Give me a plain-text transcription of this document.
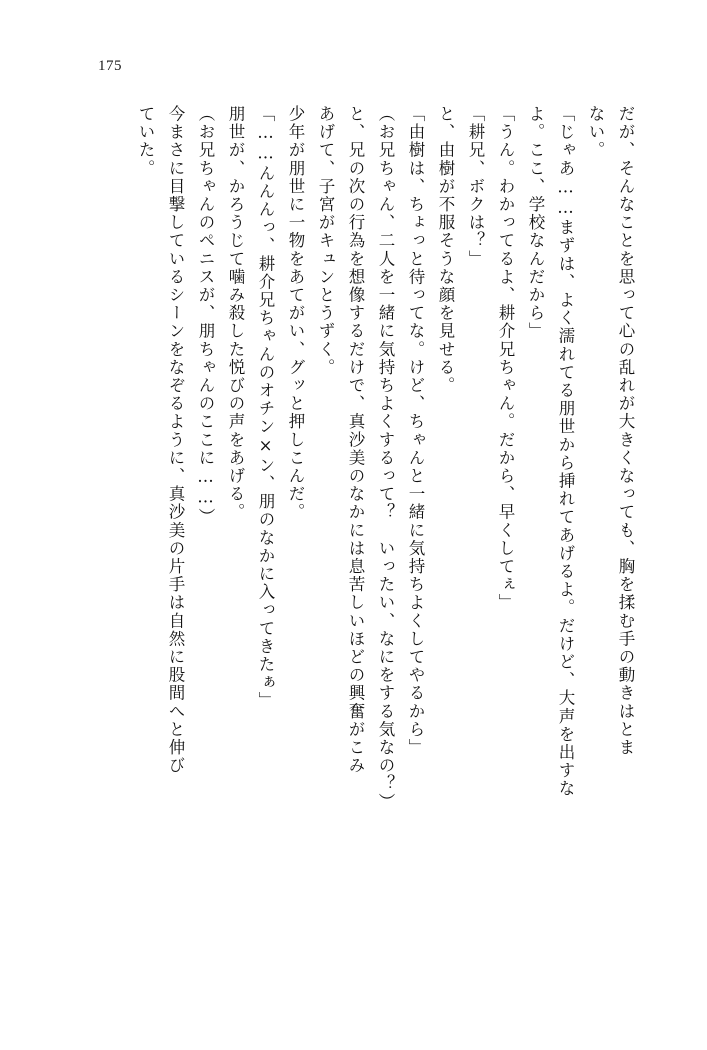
175
だが、そんなことを思って心の乱れが大きくなっても、胸を揉む手の動きはとま
ない。
「じゃあ……まずは、よく濡れてる朋世から挿れてあげるよ。だけど、大声を出すな
よ。ここ、学校なんだから」
「うん。わかってるよ、耕介兄ちゃん。だから、早くしてぇ」
「耕兄、ボクは？」
と、由樹が不服そうな顔を見せる。
「由樹は、ちょっと待ってな。けど、ちゃんと一緒に気持ちよくしてやるから」
（お兄ちゃん、二人を一緒に気持ちよくするって？　いったい、なにをする気なの？）
と、兄の次の行為を想像するだけで、真沙美のなかには息苦しいほどの興奮がこみ
あげて、子宮がキュンとうずく。
少年が朋世に一物をあてがい、グッと押しこんだ。
「……んんんっ、耕介兄ちゃんのオチン×ン、朋のなかに入ってきたぁ」
朋世が、かろうじて噛み殺した悦びの声をあげる。
（お兄ちゃんのペニスが、朋ちゃんのここに……）
今まさに目撃しているシーンをなぞるように、真沙美の片手は自然に股間へと伸び
ていた。
